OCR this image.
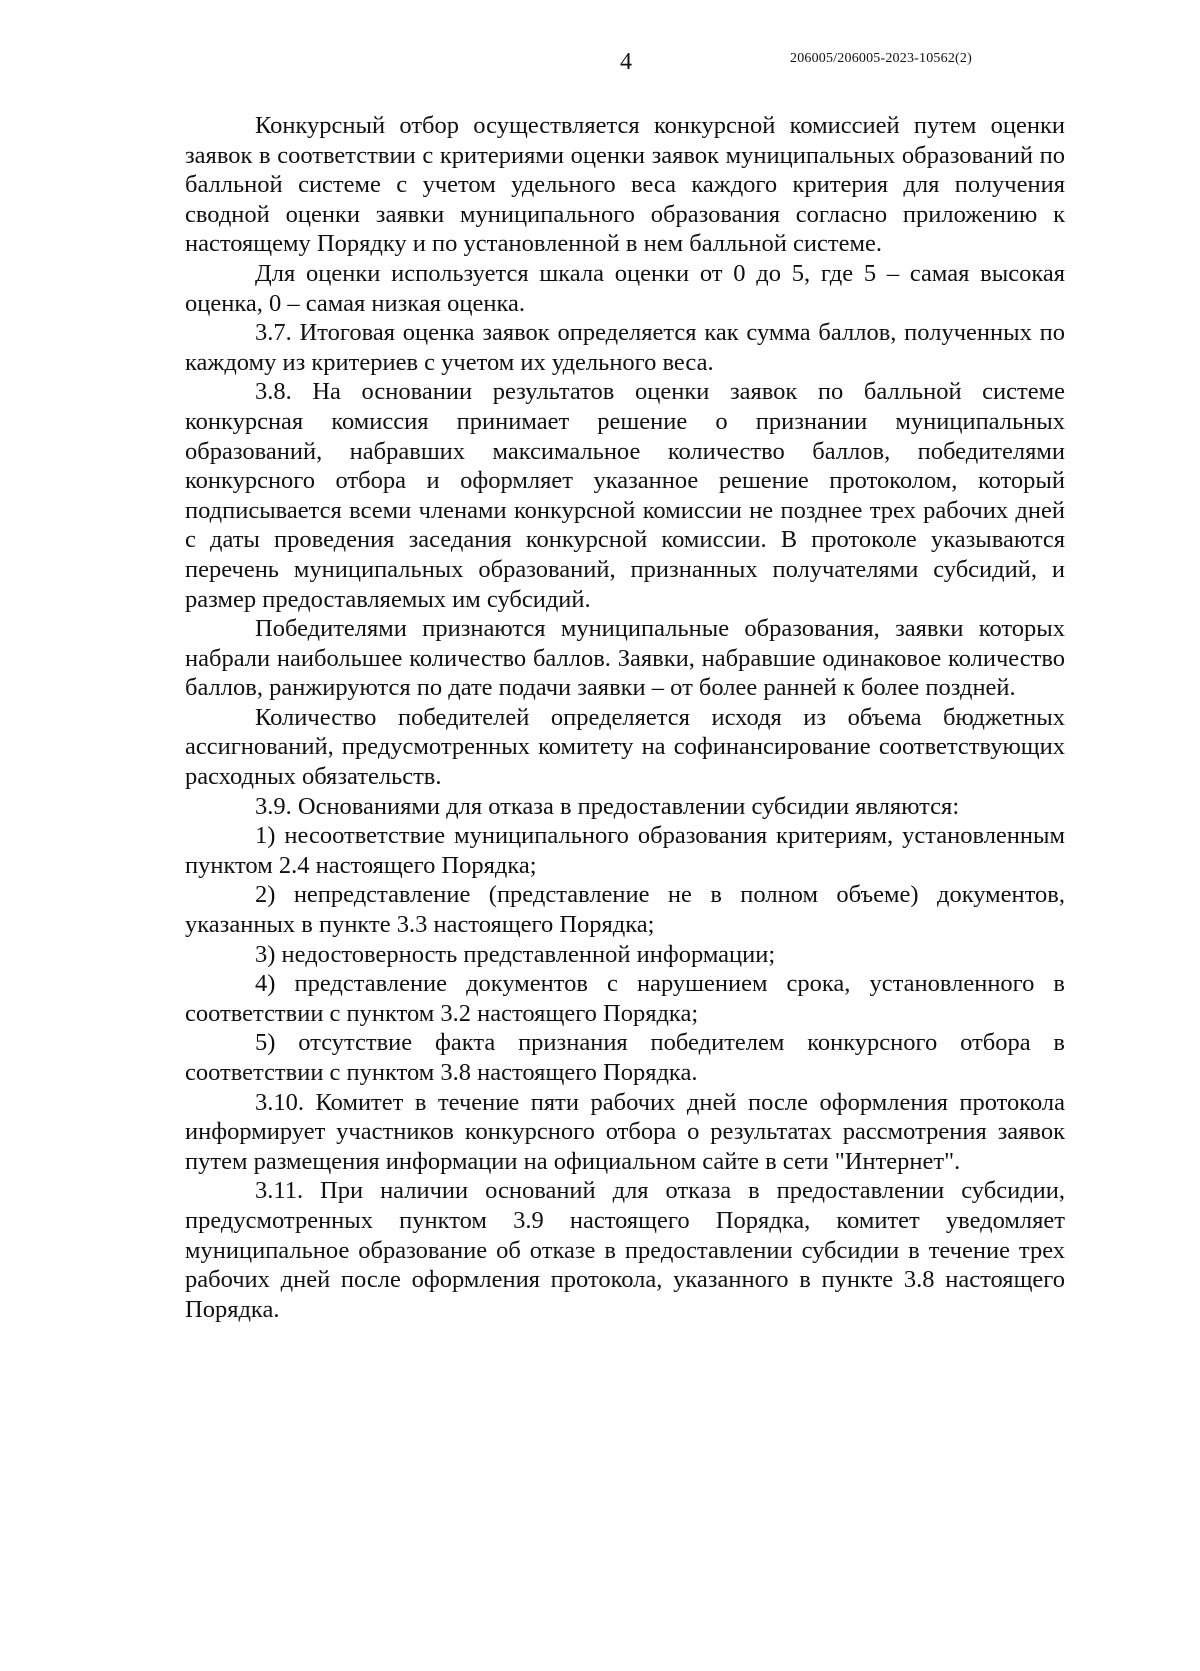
4	206005/206005-2023-10562(2)

Конкурсный отбор осуществляется конкурсной комиссией путем оценки заявок в соответствии с критериями оценки заявок муниципальных образований по балльной системе с учетом удельного веса каждого критерия для получения сводной оценки заявки муниципального образования согласно приложению к настоящему Порядку и по установленной в нем балльной системе.

Для оценки используется шкала оценки от 0 до 5, где 5 – самая высокая оценка, 0 – самая низкая оценка.

3.7. Итоговая оценка заявок определяется как сумма баллов, полученных по каждому из критериев с учетом их удельного веса.

3.8. На основании результатов оценки заявок по балльной системе конкурсная комиссия принимает решение о признании муниципальных образований, набравших максимальное количество баллов, победителями конкурсного отбора и оформляет указанное решение протоколом, который подписывается всеми членами конкурсной комиссии не позднее трех рабочих дней с даты проведения заседания конкурсной комиссии. В протоколе указываются перечень муниципальных образований, признанных получателями субсидий, и размер предоставляемых им субсидий.

Победителями признаются муниципальные образования, заявки которых набрали наибольшее количество баллов. Заявки, набравшие одинаковое количество баллов, ранжируются по дате подачи заявки – от более ранней к более поздней.

Количество победителей определяется исходя из объема бюджетных ассигнований, предусмотренных комитету на софинансирование соответствующих расходных обязательств.

3.9. Основаниями для отказа в предоставлении субсидии являются:

1) несоответствие муниципального образования критериям, установленным пунктом 2.4 настоящего Порядка;

2) непредставление (представление не в полном объеме) документов, указанных в пункте 3.3 настоящего Порядка;

3) недостоверность представленной информации;

4) представление документов с нарушением срока, установленного в соответствии с пунктом 3.2 настоящего Порядка;

5) отсутствие факта признания победителем конкурсного отбора в соответствии с пунктом 3.8 настоящего Порядка.

3.10. Комитет в течение пяти рабочих дней после оформления протокола информирует участников конкурсного отбора о результатах рассмотрения заявок путем размещения информации на официальном сайте в сети "Интернет".

3.11. При наличии оснований для отказа в предоставлении субсидии, предусмотренных пунктом 3.9 настоящего Порядка, комитет уведомляет муниципальное образование об отказе в предоставлении субсидии в течение трех рабочих дней после оформления протокола, указанного в пункте 3.8 настоящего Порядка.
